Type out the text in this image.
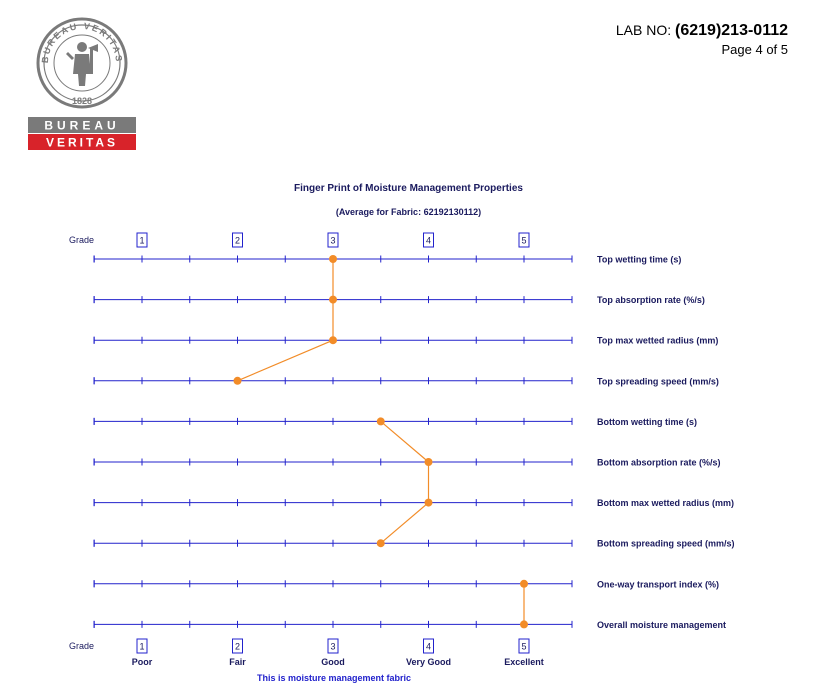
BUREAU VERITAS
1828
BUREAU
VERITAS
LAB NO: (6219)213-0112
Page 4 of 5
Finger Print of Moisture Management Properties
(Average for Fabric: 62192130112)
Grade
Grade
1
1
Poor
2
2
Fair
3
3
Good
4
4
Very Good
5
5
Excellent
Top wetting time (s)
Top absorption rate (%/s)
Top max wetted radius (mm)
Top spreading speed (mm/s)
Bottom wetting time (s)
Bottom absorption rate (%/s)
Bottom max wetted radius (mm)
Bottom spreading speed (mm/s)
One-way transport index (%)
Overall moisture management
This is moisture management fabric
